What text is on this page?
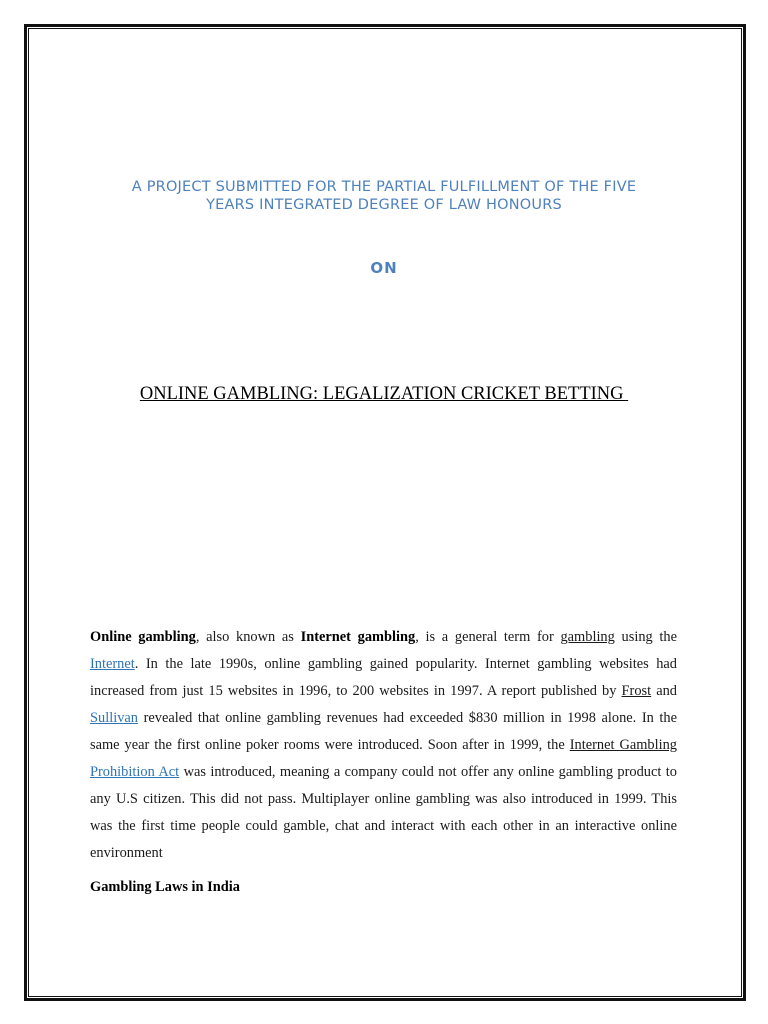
A PROJECT SUBMITTED FOR THE PARTIAL FULFILLMENT OF THE FIVE
YEARS INTEGRATED DEGREE OF LAW HONOURS
ON
ONLINE GAMBLING: LEGALIZATION CRICKET BETTING
Online gambling, also known as Internet gambling, is a general term for gambling using the Internet. In the late 1990s, online gambling gained popularity. Internet gambling websites had increased from just 15 websites in 1996, to 200 websites in 1997. A report published by Frost and Sullivan revealed that online gambling revenues had exceeded $830 million in 1998 alone. In the same year the first online poker rooms were introduced. Soon after in 1999, the Internet Gambling Prohibition Act was introduced, meaning a company could not offer any online gambling product to any U.S citizen. This did not pass. Multiplayer online gambling was also introduced in 1999. This was the first time people could gamble, chat and interact with each other in an interactive online environment
Gambling Laws in India
